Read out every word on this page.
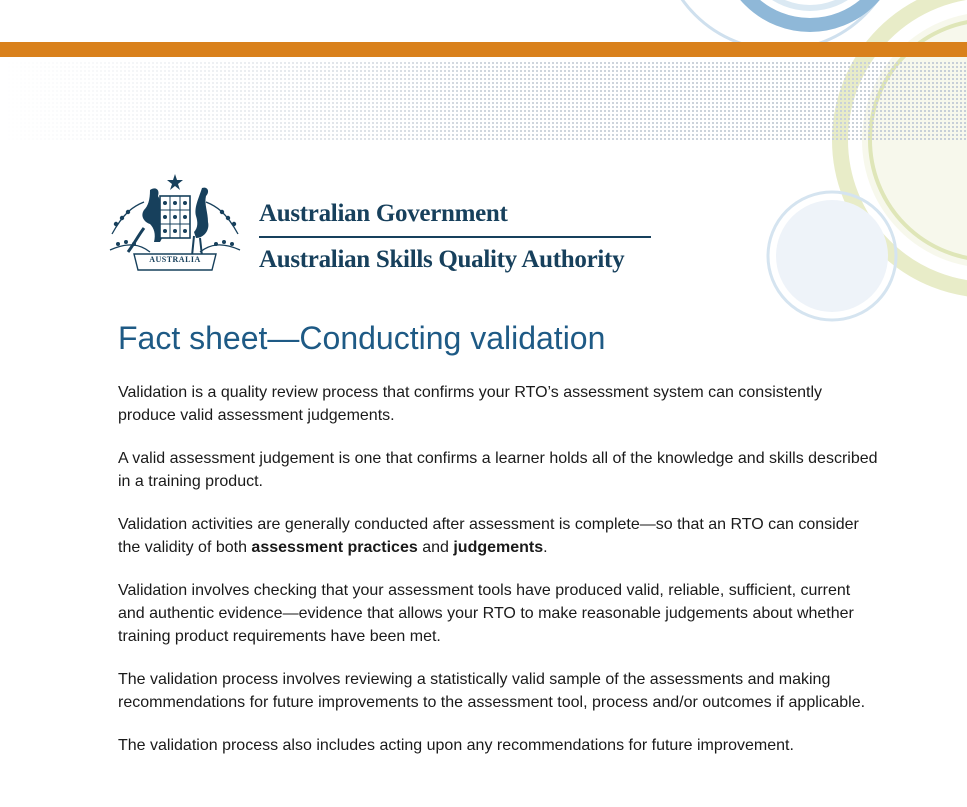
AUSTRALIA
Australian Government
Australian Skills Quality Authority
Fact sheet—Conducting validation

Validation is a quality review process that confirms your RTO’s assessment system can consistently produce valid assessment judgements.

A valid assessment judgement is one that confirms a learner holds all of the knowledge and skills described in a training product.

Validation activities are generally conducted after assessment is complete—so that an RTO can consider the validity of both assessment practices and judgements.

Validation involves checking that your assessment tools have produced valid, reliable, sufficient, current and authentic evidence—evidence that allows your RTO to make reasonable judgements about whether training product requirements have been met.

The validation process involves reviewing a statistically valid sample of the assessments and making recommendations for future improvements to the assessment tool, process and/or outcomes if applicable.

The validation process also includes acting upon any recommendations for future improvement.
